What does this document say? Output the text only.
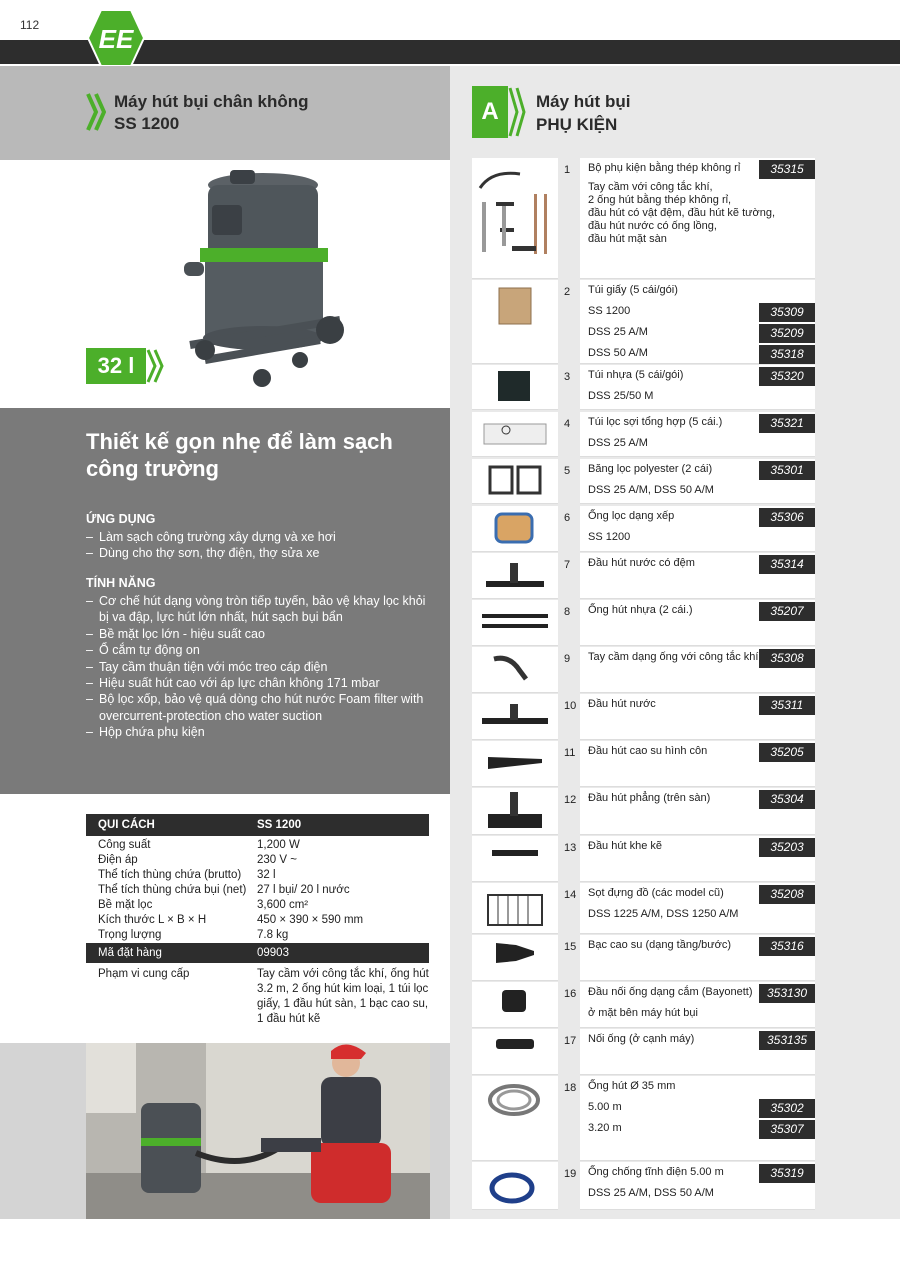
112 EE
Máy hút bụi chân không
SS 1200
32 l
Thiết kế gọn nhẹ để làm sạch công trường
ỨNG DỤNG
– Làm sạch công trường xây dựng và xe hơi
– Dùng cho thợ sơn, thợ điện, thợ sửa xe
TÍNH NĂNG
– Cơ chế hút dạng vòng tròn tiếp tuyến, bảo vệ khay lọc khỏi bị va đập, lực hút lớn nhất, hút sạch bụi bẩn
– Bề mặt lọc lớn - hiệu suất cao
– Ổ cắm tự động on
– Tay cầm thuận tiện với móc treo cáp điện
– Hiệu suất hút cao với áp lực chân không 171 mbar
– Bộ lọc xốp, bảo vệ quá dòng cho hút nước Foam filter with overcurrent-protection cho water suction
– Hộp chứa phụ kiện
QUI CÁCH	SS 1200
Công suất	1,200 W
Điện áp	230 V ~
Thể tích thùng chứa (brutto)	32 l
Thể tích thùng chứa bụi (net) 27 l bụi/ 20 l nước
Bề mặt lọc	3,600 cm²
Kích thước L × B × H	450 × 390 × 590 mm
Trọng lượng	7.8 kg
Mã đặt hàng	09903
Phạm vi cung cấp	Tay cầm với công tắc khí, ống hút 3.2 m, 2 ống hút kim loại, 1 túi lọc giấy, 1 đầu hút sàn, 1 bạc cao su, 1 đầu hút kẽ
A	Máy hút bụi
PHỤ KIỆN
1	Bộ phụ kiện bằng thép không rỉ	35315
Tay cầm với công tắc khí,
2 ống hút bằng thép không rỉ,
đầu hút có vật đệm, đầu hút kẽ tường,
đầu hút nước có ống lồng,
đầu hút mặt sàn
2	Túi giấy (5 cái/gói)
SS 1200	35309
DSS 25 A/M	35209
DSS 50 A/M	35318
3	Túi nhựa (5 cái/gói)	35320
DSS 25/50 M
4	Túi lọc sợi tổng hợp (5 cái.)	35321
DSS 25 A/M
5	Băng lọc polyester (2 cái)	35301
DSS 25 A/M, DSS 50 A/M
6	Ống lọc dạng xếp	35306
SS 1200
7	Đầu hút nước có đệm	35314
8	Ống hút nhựa (2 cái.)	35207
9	Tay cầm dạng ống với công tắc khí 35308
10	Đầu hút nước	35311
11	Đầu hút cao su hình côn	35205
12	Đầu hút phẳng (trên sàn)	35304
13	Đầu hút khe kẽ	35203
14	Sọt đựng đồ (các model cũ)	35208
DSS 1225 A/M, DSS 1250 A/M
15	Bạc cao su (dạng tầng/bước)	35316
16	Đầu nối ống dạng cắm (Bayonett)	353130
ở mặt bên máy hút bụi
17	Nối ống (ở cạnh máy)	353135
18	Ống hút Ø 35 mm
5.00 m	35302
3.20 m	35307
19	Ống chống tĩnh điện 5.00 m	35319
DSS 25 A/M, DSS 50 A/M
